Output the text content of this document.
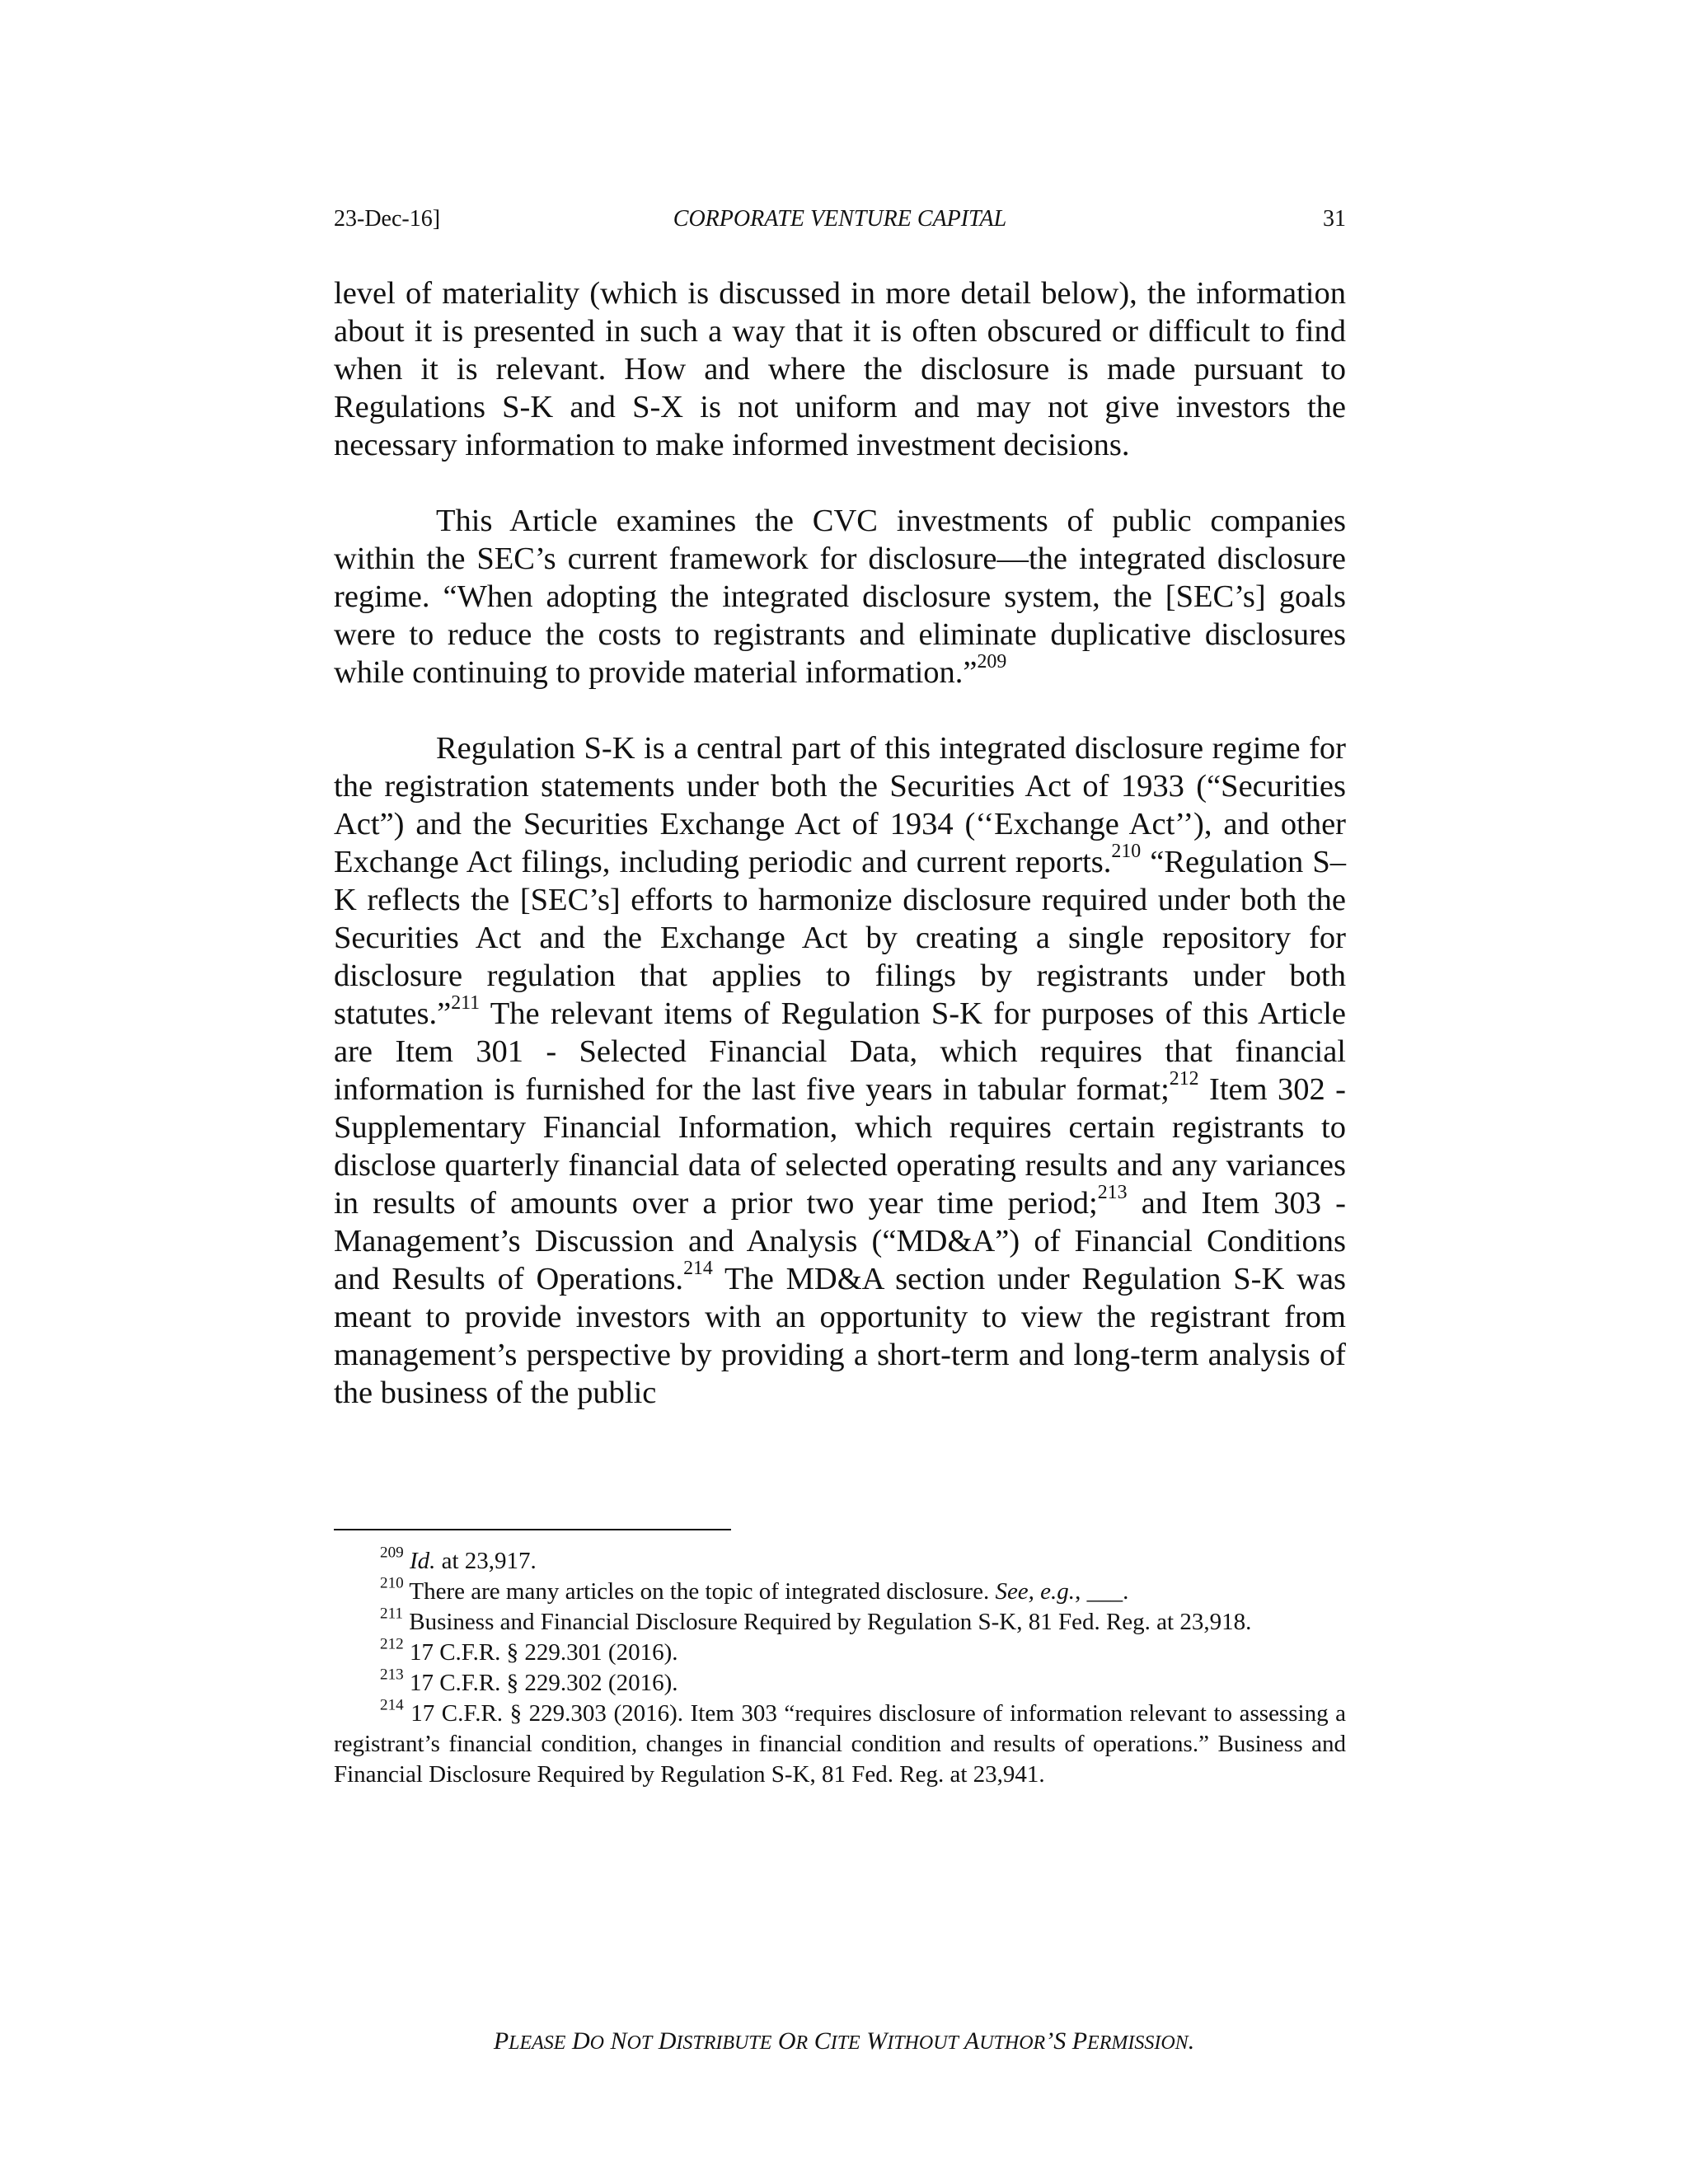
23-Dec-16]	CORPORATE VENTURE CAPITAL	31

level of materiality (which is discussed in more detail below), the information about it is presented in such a way that it is often obscured or difficult to find when it is relevant. How and where the disclosure is made pursuant to Regulations S-K and S-X is not uniform and may not give investors the necessary information to make informed investment decisions.

This Article examines the CVC investments of public companies within the SEC’s current framework for disclosure—the integrated disclosure regime. “When adopting the integrated disclosure system, the [SEC’s] goals were to reduce the costs to registrants and eliminate duplicative disclosures while continuing to provide material information.”$^{209}$

Regulation S-K is a central part of this integrated disclosure regime for the registration statements under both the Securities Act of 1933 (“Securities Act”) and the Securities Exchange Act of 1934 (‘‘Exchange Act’’), and other Exchange Act filings, including periodic and current reports.$^{210}$ “Regulation S–K reflects the [SEC’s] efforts to harmonize disclosure required under both the Securities Act and the Exchange Act by creating a single repository for disclosure regulation that applies to filings by registrants under both statutes.”$^{211}$ The relevant items of Regulation S-K for purposes of this Article are Item 301 - Selected Financial Data, which requires that financial information is furnished for the last five years in tabular format;$^{212}$ Item 302 - Supplementary Financial Information, which requires certain registrants to disclose quarterly financial data of selected operating results and any variances in results of amounts over a prior two year time period;$^{213}$ and Item 303 - Management’s Discussion and Analysis (“MD&A”) of Financial Conditions and Results of Operations.$^{214}$ The MD&A section under Regulation S-K was meant to provide investors with an opportunity to view the registrant from management’s perspective by providing a short-term and long-term analysis of the business of the public

$^{209}$ Id. at 23,917.

$^{210}$ There are many articles on the topic of integrated disclosure. See, e.g., ___.

$^{211}$ Business and Financial Disclosure Required by Regulation S-K, 81 Fed. Reg. at 23,918.

$^{212}$ 17 C.F.R. § 229.301 (2016).

$^{213}$ 17 C.F.R. § 229.302 (2016).

$^{214}$ 17 C.F.R. § 229.303 (2016). Item 303 “requires disclosure of information relevant to assessing a registrant’s financial condition, changes in financial condition and results of operations.” Business and Financial Disclosure Required by Regulation S-K, 81 Fed. Reg. at 23,941.

PLEASE DO NOT DISTRIBUTE OR CITE WITHOUT AUTHOR’S PERMISSION.
